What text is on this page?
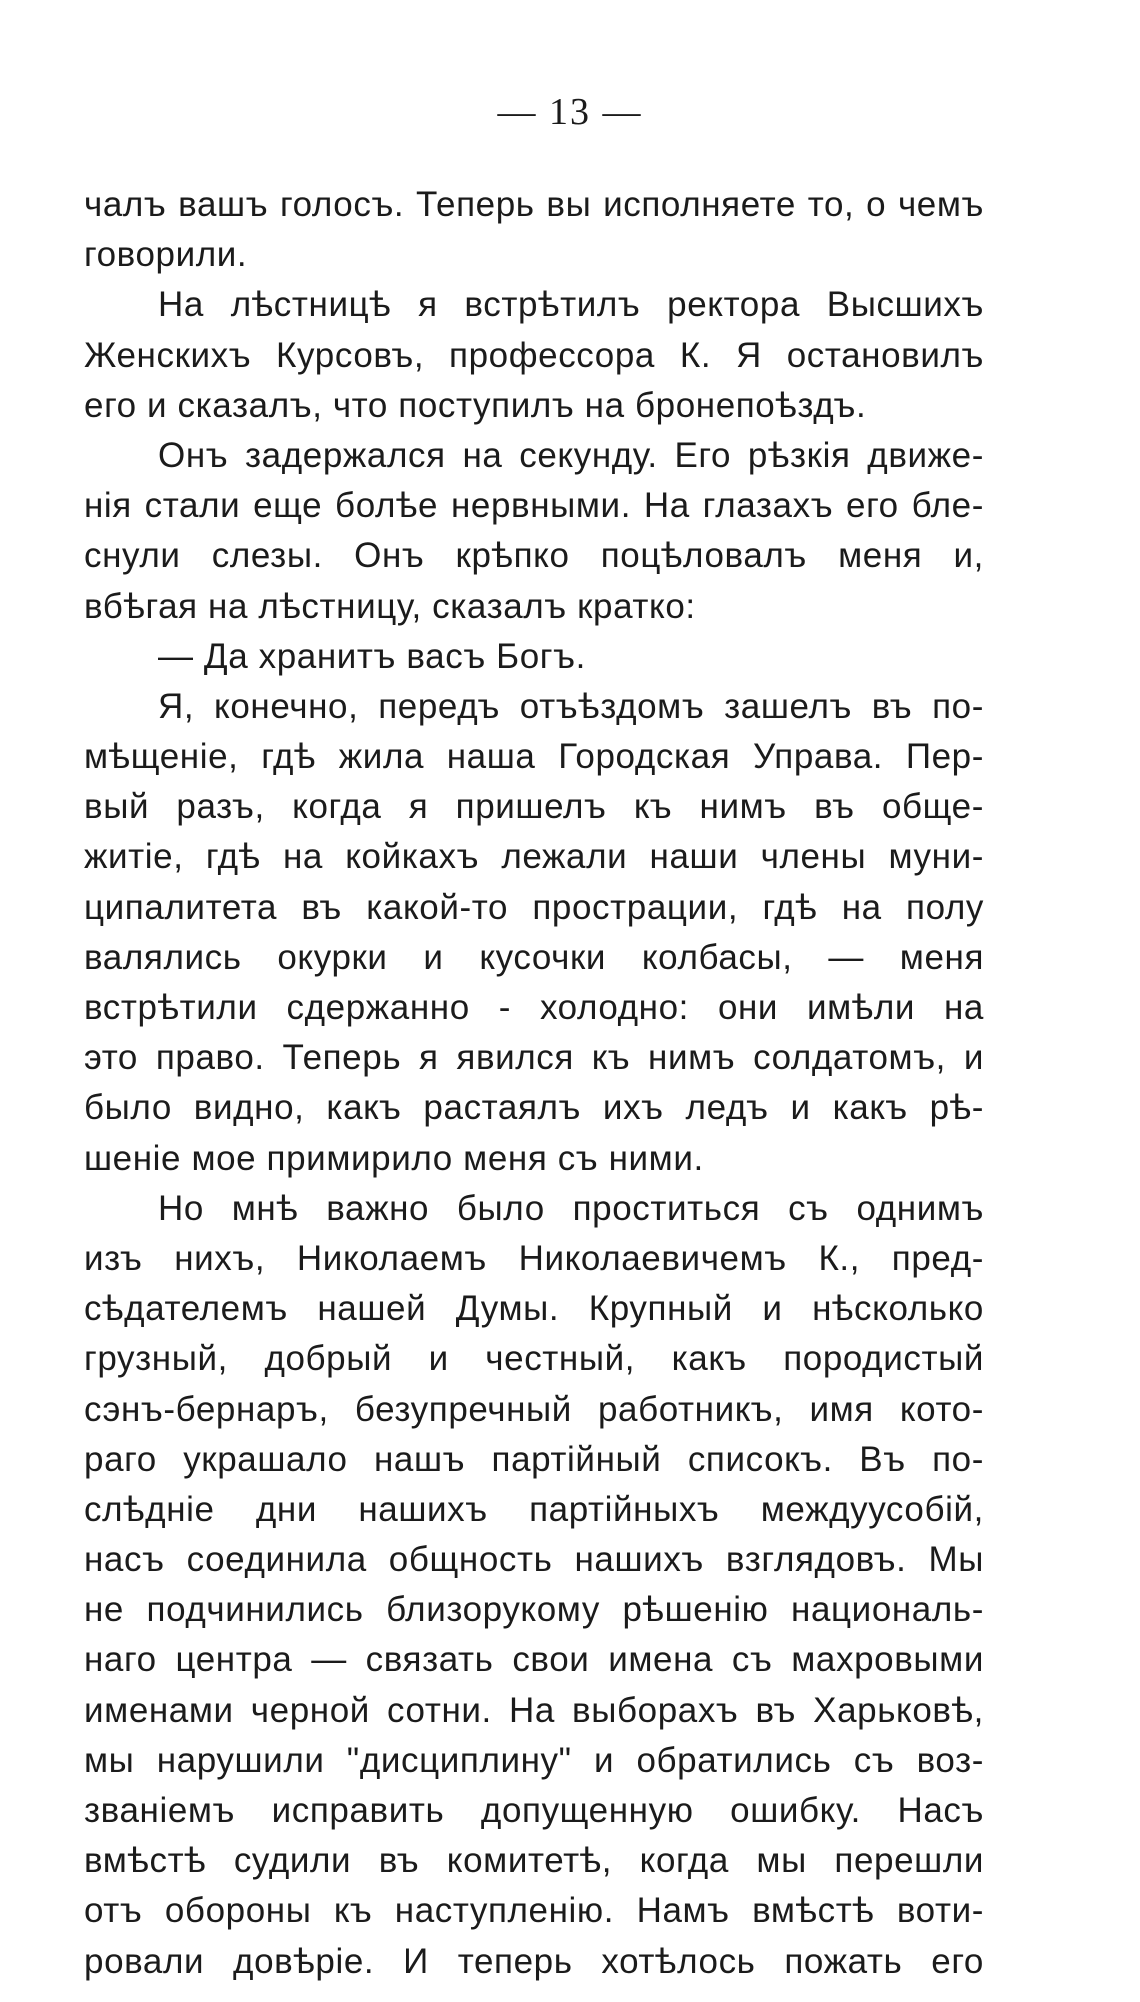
— 13 —
чалъ вашъ голосъ. Теперь вы исполняете то, о чемъ
говорили.
На лѣстницѣ я встрѣтилъ ректора Высшихъ
Женскихъ Курсовъ, профессора К. Я остановилъ
его и сказалъ, что поступилъ на бронепоѣздъ.
Онъ задержался на секунду. Его рѣзкія движе-
нія стали еще болѣе нервными. На глазахъ его бле-
снули слезы. Онъ крѣпко поцѣловалъ меня и,
вбѣгая на лѣстницу, сказалъ кратко:
— Да хранитъ васъ Богъ.
Я, конечно, передъ отъѣздомъ зашелъ въ по-
мѣщеніе, гдѣ жила наша Городская Управа. Пер-
вый разъ, когда я пришелъ къ нимъ въ обще-
житіе, гдѣ на койкахъ лежали наши члены муни-
ципалитета въ какой-то прострации, гдѣ на полу
валялись окурки и кусочки колбасы, — меня
встрѣтили сдержанно - холодно: они имѣли на
это право. Теперь я явился къ нимъ солдатомъ, и
было видно, какъ растаялъ ихъ ледъ и какъ рѣ-
шеніе мое примирило меня съ ними.
Но мнѣ важно было проститься съ однимъ
изъ нихъ, Николаемъ Николаевичемъ К., пред-
сѣдателемъ нашей Думы. Крупный и нѣсколько
грузный, добрый и честный, какъ породистый
сэнъ-бернаръ, безупречный работникъ, имя кото-
раго украшало нашъ партійный списокъ. Въ по-
слѣдніе дни нашихъ партійныхъ междуусобій,
насъ соединила общность нашихъ взглядовъ. Мы
не подчинились близорукому рѣшенію националь-
наго центра — связать свои имена съ махровыми
именами черной сотни. На выборахъ въ Харьковѣ,
мы нарушили "дисциплину" и обратились съ воз-
званіемъ исправить допущенную ошибку. Насъ
вмѣстѣ судили въ комитетѣ, когда мы перешли
отъ обороны къ наступленію. Намъ вмѣстѣ воти-
ровали довѣріе. И теперь хотѣлось пожать его
